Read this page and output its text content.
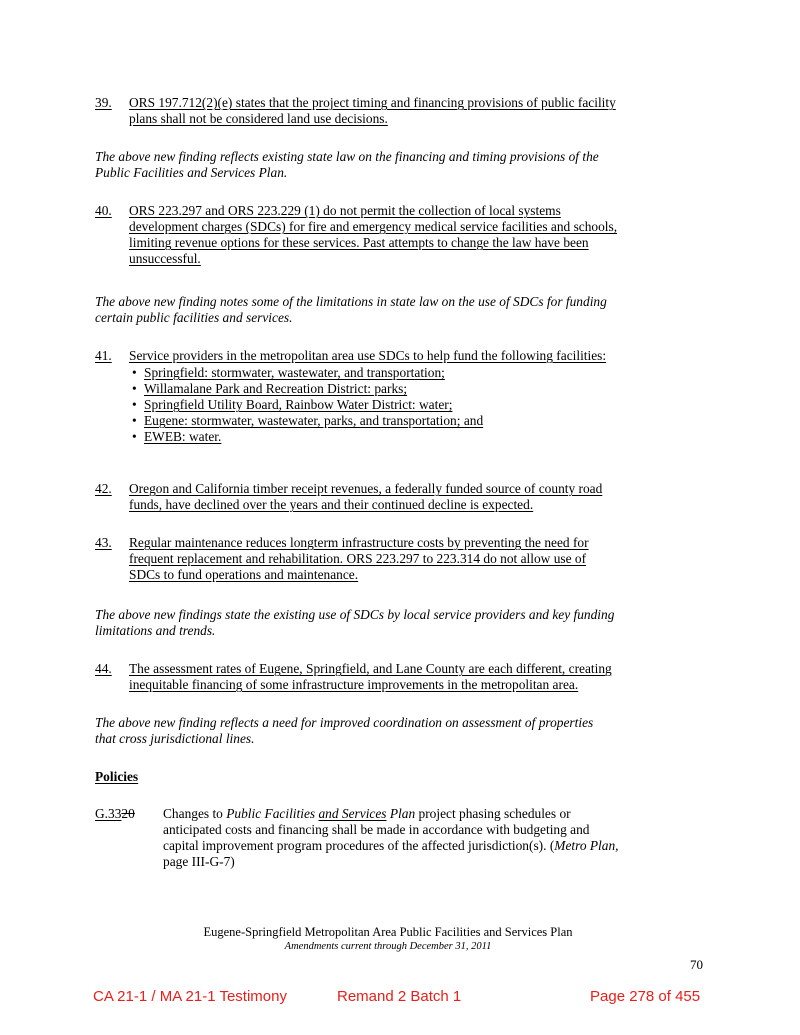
39. ORS 197.712(2)(e) states that the project timing and financing provisions of public facility
plans shall not be considered land use decisions.
The above new finding reflects existing state law on the financing and timing provisions of the
Public Facilities and Services Plan.
40. ORS 223.297 and ORS 223.229 (1) do not permit the collection of local systems
development charges (SDCs) for fire and emergency medical service facilities and schools,
limiting revenue options for these services. Past attempts to change the law have been
unsuccessful.
The above new finding notes some of the limitations in state law on the use of SDCs for funding
certain public facilities and services.
41. Service providers in the metropolitan area use SDCs to help fund the following facilities:
• Springfield: stormwater, wastewater, and transportation;
• Willamalane Park and Recreation District: parks;
• Springfield Utility Board, Rainbow Water District: water;
• Eugene: stormwater, wastewater, parks, and transportation; and
• EWEB: water.
42. Oregon and California timber receipt revenues, a federally funded source of county road
funds, have declined over the years and their continued decline is expected.
43. Regular maintenance reduces longterm infrastructure costs by preventing the need for
frequent replacement and rehabilitation. ORS 223.297 to 223.314 do not allow use of
SDCs to fund operations and maintenance.
The above new findings state the existing use of SDCs by local service providers and key funding
limitations and trends.
44. The assessment rates of Eugene, Springfield, and Lane County are each different, creating
inequitable financing of some infrastructure improvements in the metropolitan area.
The above new finding reflects a need for improved coordination on assessment of properties
that cross jurisdictional lines.
Policies
G.3320 Changes to Public Facilities and Services Plan project phasing schedules or
anticipated costs and financing shall be made in accordance with budgeting and
capital improvement program procedures of the affected jurisdiction(s). (Metro Plan,
page III-G-7)
Eugene-Springfield Metropolitan Area Public Facilities and Services Plan
Amendments current through December 31, 2011
70
CA 21-1 / MA 21-1 Testimony	Remand 2 Batch 1	Page 278 of 455
